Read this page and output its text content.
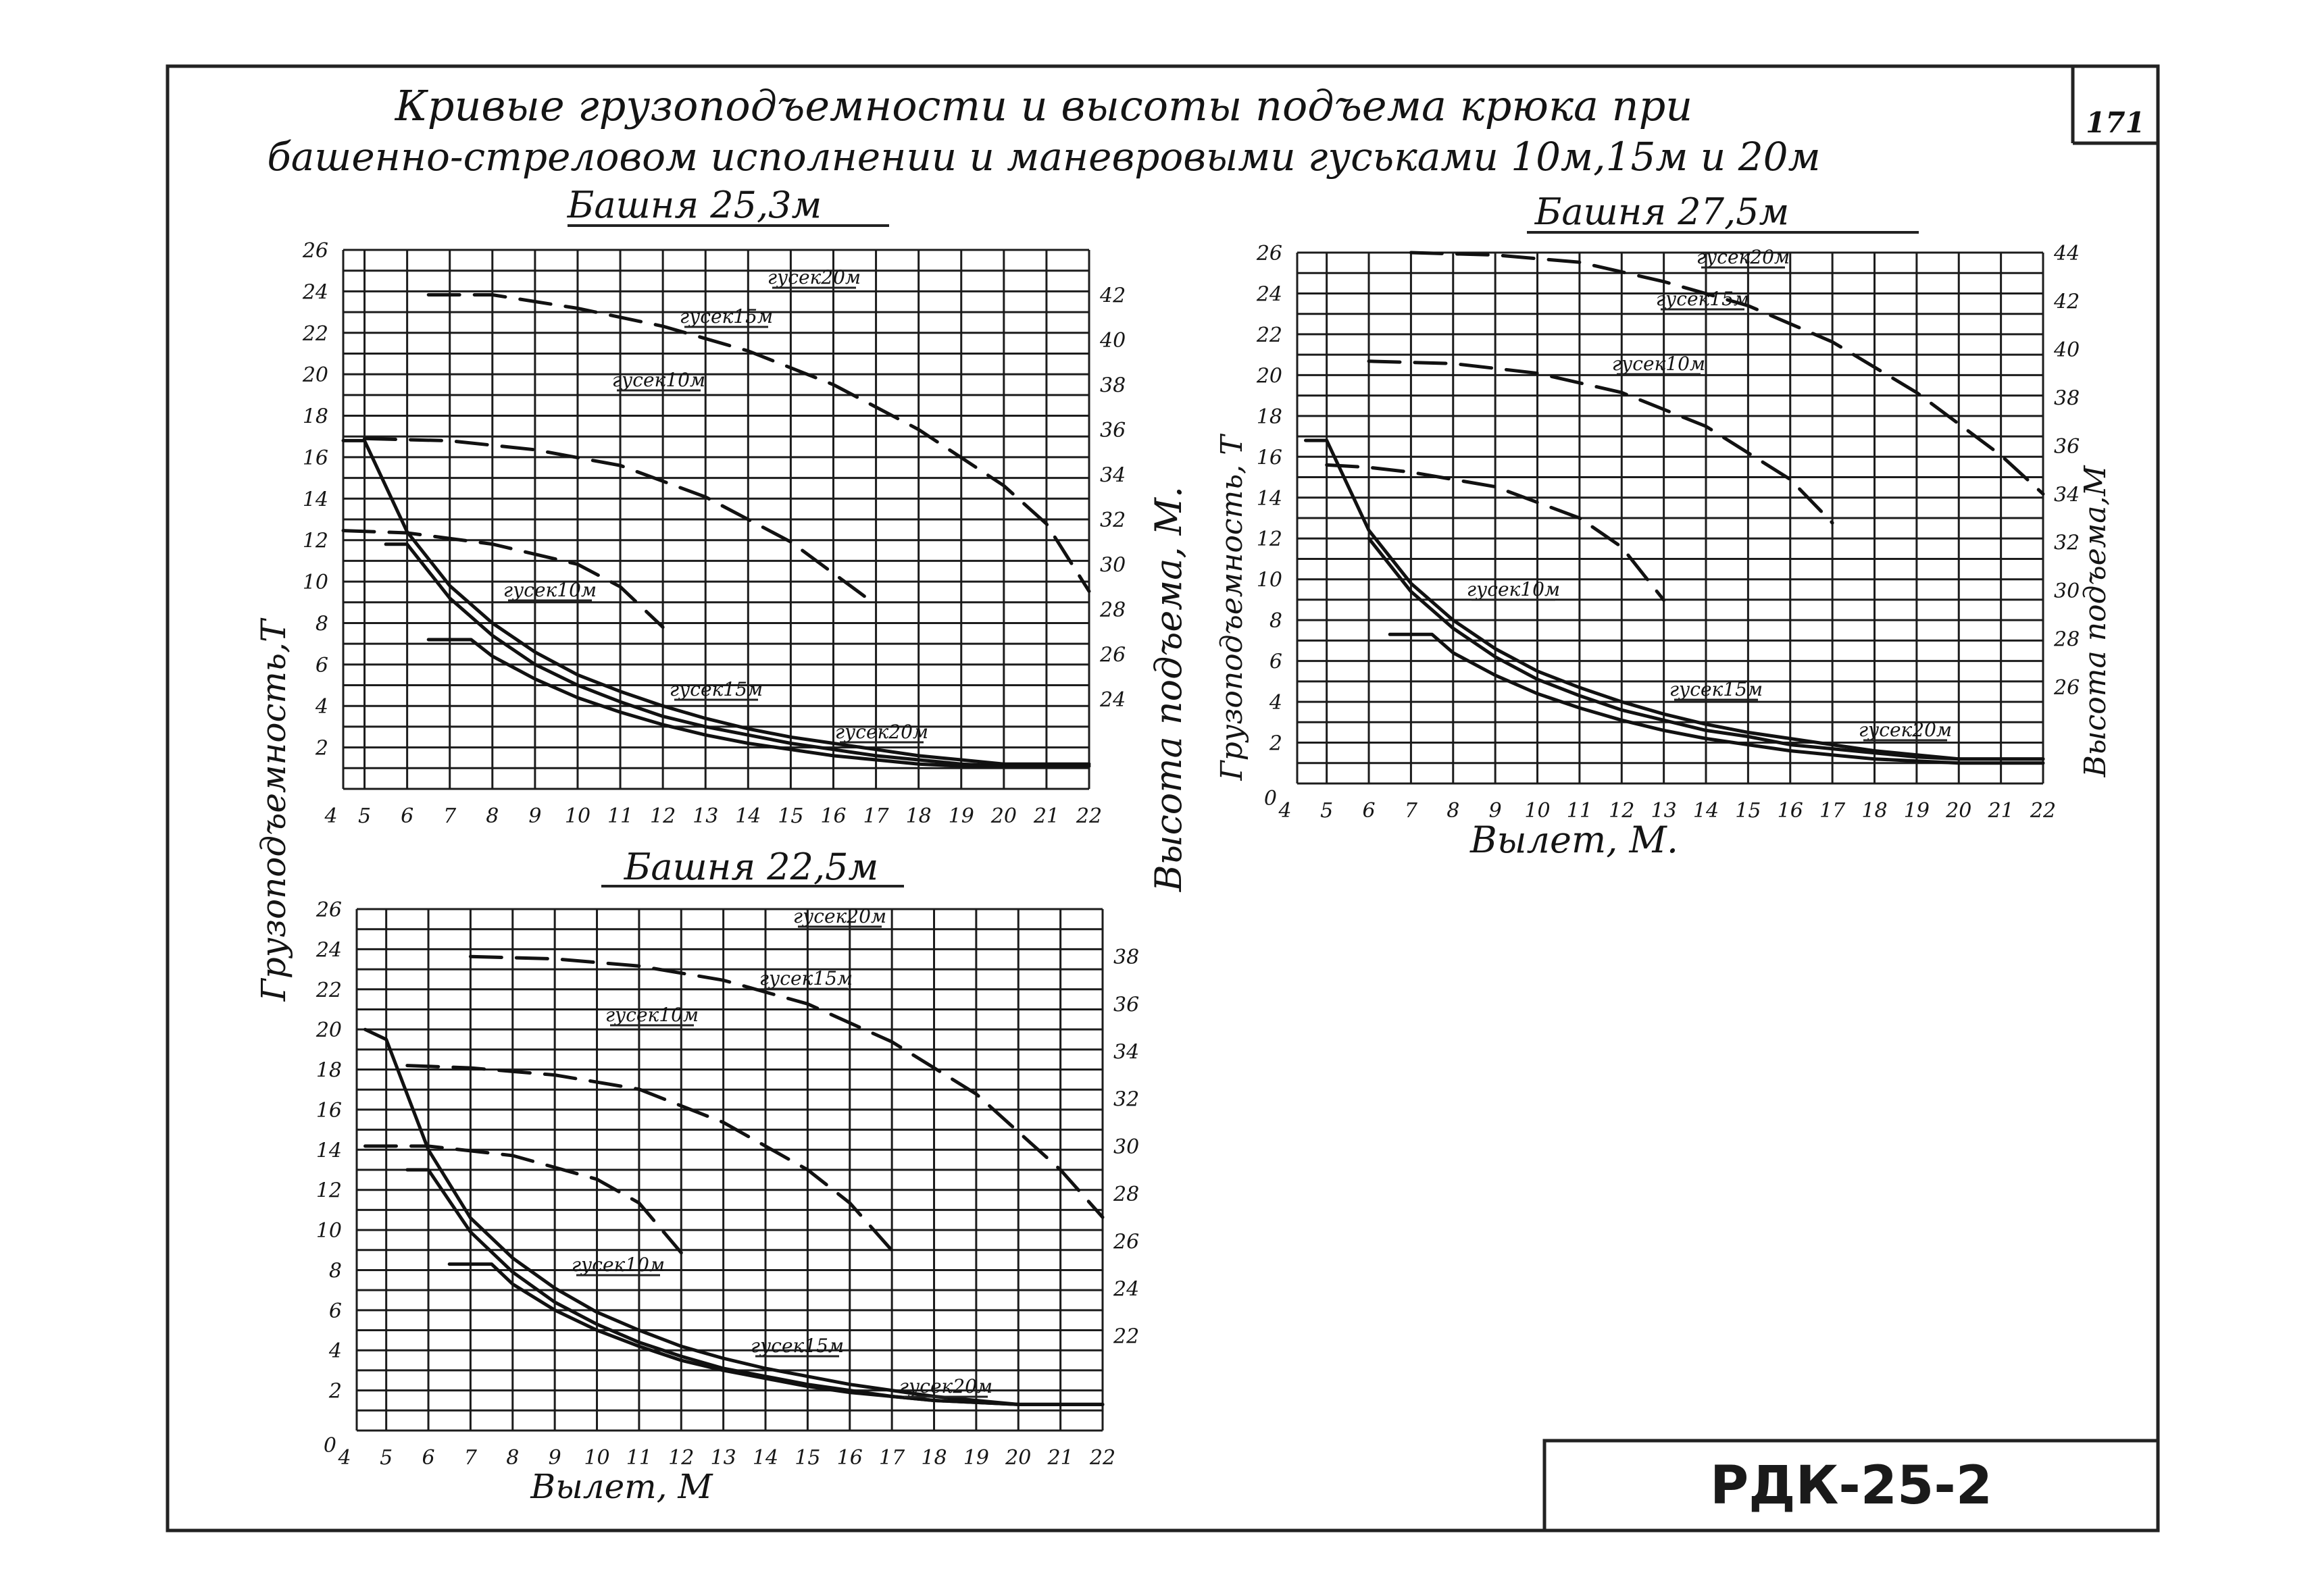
Кривые грузоподъемности и высоты подъема крюка при
башенно-стреловом исполнении и маневровыми гуськами 10м,15м и 20м
171
РДК-25-2
Грузоподъемность,Т	Высота подъема, М.
Башня 25,3м
2
4
6
8
10
12
14
16
18
20
22
24
26
24
26
28
30
32
34
36
38
40
42
4 5 6 7 8 9 10 11 12 13 14 15 16 17 18 19 20 21 22
гусек20м
гусек15м
гусек10м
гусек10м
гусек15м
гусек20м
Башня 27,5м
2
4
6
8
10
12
14
16
18
20
22
24
26
0
26
28
30
32
34
36
38
40
42
44
4 5 6 7 8 9 10 11 12 13 14 15 16 17 18 19 20 21 22
гусек20м
гусек15м
гусек10м
гусек10м
гусек15м
гусек20м
Вылет, М.
Грузоподъемность, Т	Высота подъема,М
Башня 22,5м
2
4
6
8
10
12
14
16
18
20
22
24
26
0
22
24
26
28
30
32
34
36
38
4 5 6 7 8 9 10 11 12 13 14 15 16 17 18 19 20 21 22
гусек20м
гусек15м
гусек10м
гусек10м
гусек15м
гусек20м
Вылет, М
